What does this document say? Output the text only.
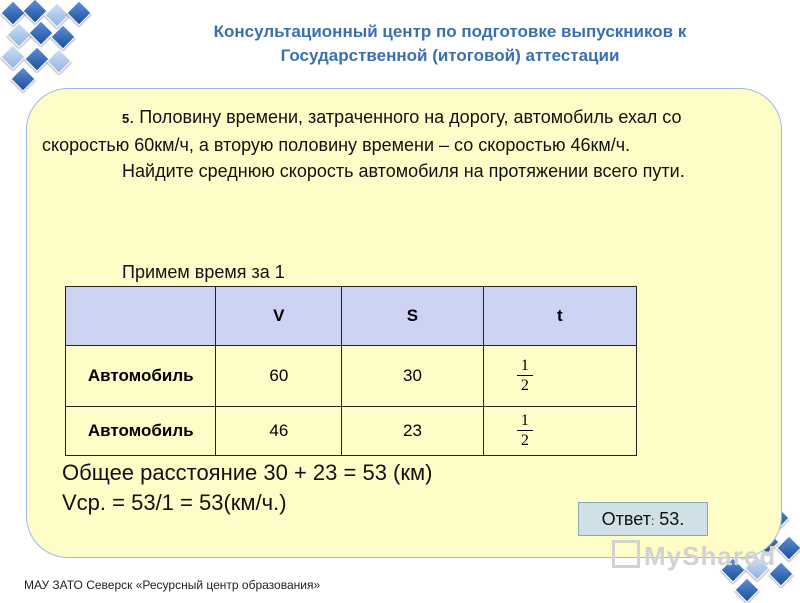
Консультационный центр по подготовке выпускников к
Государственной (итоговой) аттестации
5. Половину времени, затраченного на дорогу, автомобиль ехал со скоростью 60км/ч, а вторую половину времени – со скоростью 46км/ч.
Найдите среднюю скорость автомобиля на протяжении всего пути.
Примем время за 1
	V	S	t
Автомобиль	60	30	$\frac{1}{2}$
Автомобиль	46	23	$\frac{1}{2}$
Общее расстояние 30 + 23 = 53 (км)
Vср. = 53/1 = 53(км/ч.)
Ответ: 53.
MyShared
МАУ ЗАТО Северск «Ресурсный центр образования»
